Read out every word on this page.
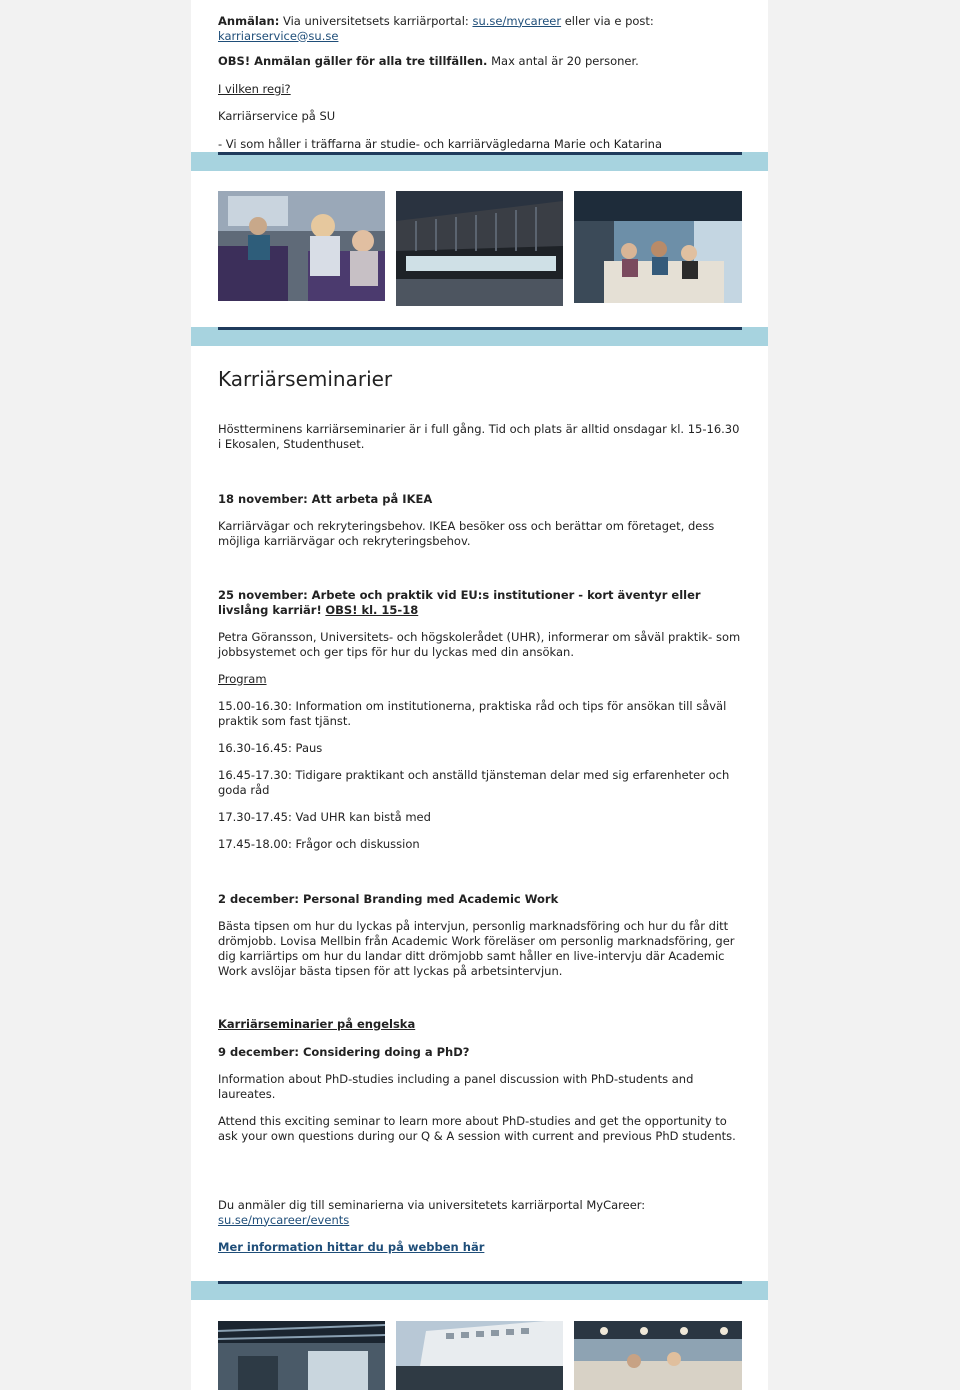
Anmälan: Via universitetsets karriärportal: su.se/mycareer eller via e post:
karriarservice@su.se

OBS! Anmälan gäller för alla tre tillfällen. Max antal är 20 personer.

I vilken regi?

Karriärservice på SU

- Vi som håller i träffarna är studie- och karriärvägledarna Marie och Katarina

Karriärseminarier

Höstterminens karriärseminarier är i full gång. Tid och plats är alltid onsdagar kl. 15-16.30 i Ekosalen, Studenthuset.

18 november: Att arbeta på IKEA

Karriärvägar och rekryteringsbehov. IKEA besöker oss och berättar om företaget, dess möjliga karriärvägar och rekryteringsbehov.

25 november: Arbete och praktik vid EU:s institutioner - kort äventyr eller livslång karriär! OBS! kl. 15-18

Petra Göransson, Universitets- och högskolerådet (UHR), informerar om såväl praktik- som jobbsystemet och ger tips för hur du lyckas med din ansökan.

Program

15.00-16.30: Information om institutionerna, praktiska råd och tips för ansökan till såväl praktik som fast tjänst.

16.30-16.45: Paus

16.45-17.30: Tidigare praktikant och anställd tjänsteman delar med sig erfarenheter och goda råd

17.30-17.45: Vad UHR kan bistå med

17.45-18.00: Frågor och diskussion

2 december: Personal Branding med Academic Work

Bästa tipsen om hur du lyckas på intervjun, personlig marknadsföring och hur du får ditt drömjobb. Lovisa Mellbin från Academic Work föreläser om personlig marknadsföring, ger dig karriärtips om hur du landar ditt drömjobb samt håller en live-intervju där Academic Work avslöjar bästa tipsen för att lyckas på arbetsintervjun.

Karriärseminarier på engelska

9 december: Considering doing a PhD?

Information about PhD-studies including a panel discussion with PhD-students and laureates.

Attend this exciting seminar to learn more about PhD-studies and get the opportunity to ask your own questions during our Q & A session with current and previous PhD students.

Du anmäler dig till seminarierna via universitetets karriärportal MyCareer:
su.se/mycareer/events

Mer information hittar du på webben här
